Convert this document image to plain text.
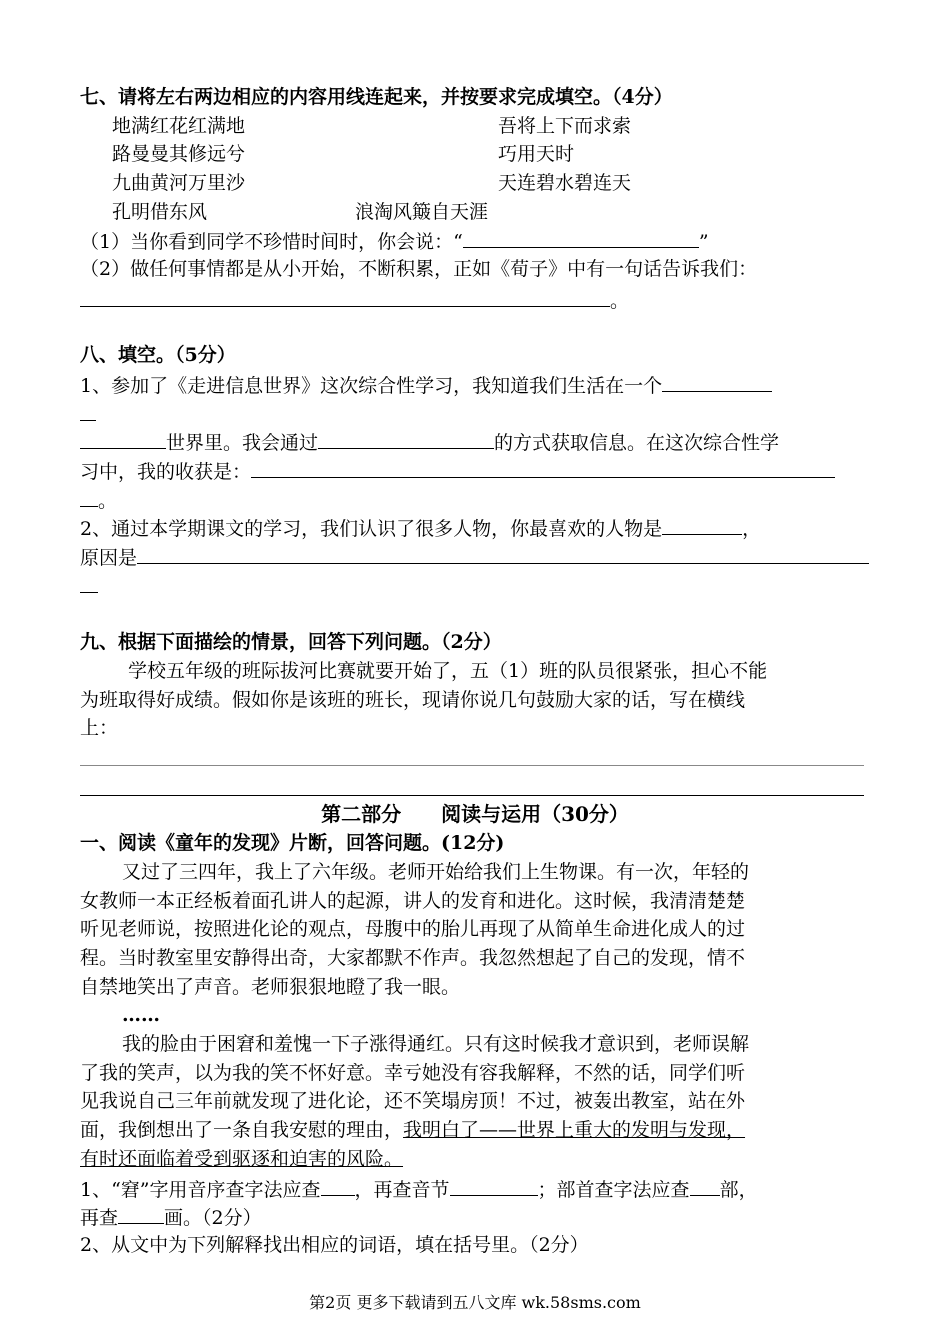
七、请将左右两边相应的内容用线连起来，并按要求完成填空。（4分）
地满红花红满地	吾将上下而求索
路曼曼其修远兮	巧用天时
九曲黄河万里沙	天连碧水碧连天
孔明借东风	浪淘风簸自天涯
（1）当你看到同学不珍惜时间时，你会说：“	”
（2）做任何事情都是从小开始，不断积累，正如《荀子》中有一句话告诉我们：
。
八、填空。（5分）
1、参加了《走进信息世界》这次综合性学习，我知道我们生活在一个
世界里。我会通过	的方式获取信息。在这次综合性学
习中，我的收获是：
。
2、通过本学期课文的学习，我们认识了很多人物，你最喜欢的人物是	，
原因是
九、根据下面描绘的情景，回答下列问题。（2分）
学校五年级的班际拔河比赛就要开始了，五（1）班的队员很紧张，担心不能
为班取得好成绩。假如你是该班的班长，现请你说几句鼓励大家的话，写在横线
上：
第二部分　　阅读与运用（30分）
一、阅读《童年的发现》片断，回答问题。(12分)
又过了三四年，我上了六年级。老师开始给我们上生物课。有一次，年轻的
女教师一本正经板着面孔讲人的起源，讲人的发育和进化。这时候，我清清楚楚
听见老师说，按照进化论的观点，母腹中的胎儿再现了从简单生命进化成人的过
程。当时教室里安静得出奇，大家都默不作声。我忽然想起了自己的发现，情不
自禁地笑出了声音。老师狠狠地瞪了我一眼。
……
我的脸由于困窘和羞愧一下子涨得通红。只有这时候我才意识到，老师误解
了我的笑声，以为我的笑不怀好意。幸亏她没有容我解释，不然的话，同学们听
见我说自己三年前就发现了进化论，还不笑塌房顶！不过，被轰出教室，站在外
面，我倒想出了一条自我安慰的理由，我明白了——世界上重大的发明与发现，
有时还面临着受到驱逐和迫害的风险。
1、“窘”字用音序查字法应查 ，再查音节	；部首查字法应查 部，
再查 画。（2分）
2、从文中为下列解释找出相应的词语，填在括号里。（2分）
第2页 更多下载请到五八文库 wk.58sms.com
